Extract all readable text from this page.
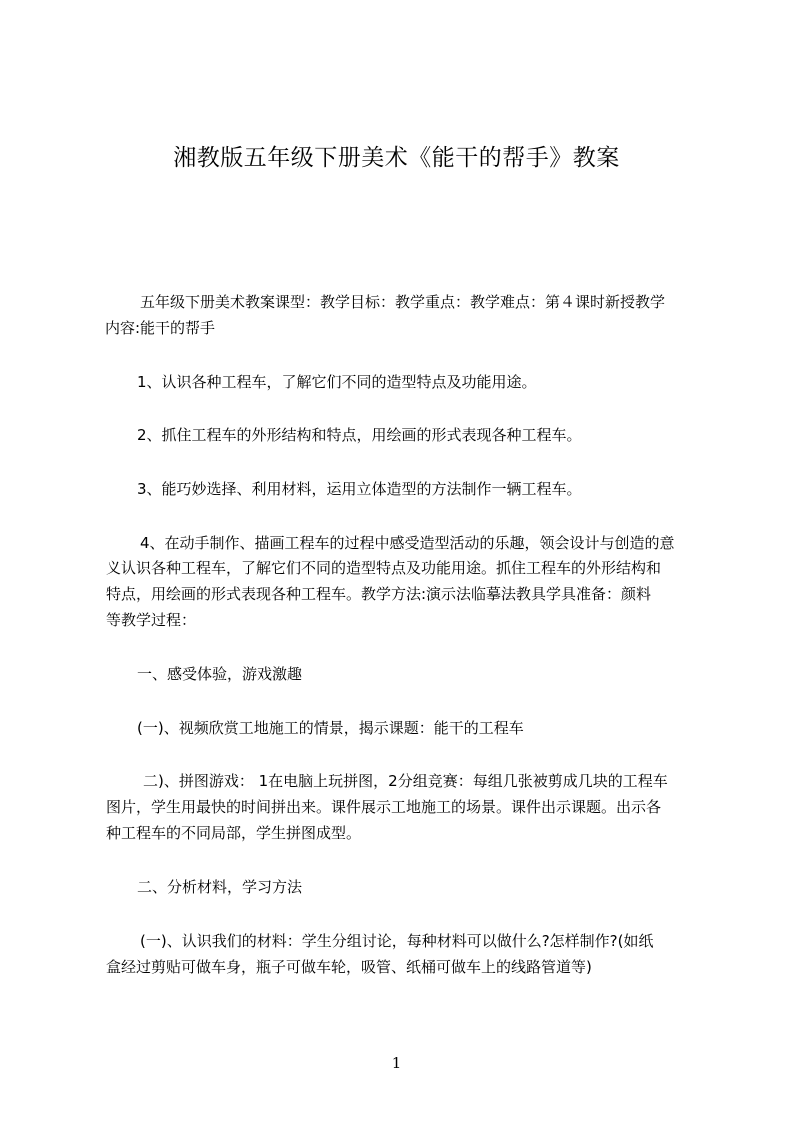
湘教版五年级下册美术《能干的帮手》教案

五年级下册美术教案课型：教学目标：教学重点：教学难点：第４课时新授教学

内容:能干的帮手

1、认识各种工程车，了解它们不同的造型特点及功能用途。

2、抓住工程车的外形结构和特点，用绘画的形式表现各种工程车。

3、能巧妙选择、利用材料，运用立体造型的方法制作一辆工程车。

4、在动手制作、描画工程车的过程中感受造型活动的乐趣，领会设计与创造的意

义认识各种工程车，了解它们不同的造型特点及功能用途。抓住工程车的外形结构和

特点，用绘画的形式表现各种工程车。教学方法:演示法临摹法教具学具准备：颜料

等教学过程：

一、感受体验，游戏激趣

(一)、视频欣赏工地施工的情景，揭示课题：能干的工程车

二)、拼图游戏： 1在电脑上玩拼图，2分组竞赛：每组几张被剪成几块的工程车

图片，学生用最快的时间拼出来。课件展示工地施工的场景。课件出示课题。出示各

种工程车的不同局部，学生拼图成型。

二、分析材料，学习方法

(一)、认识我们的材料：学生分组讨论，每种材料可以做什么?怎样制作?(如纸

盒经过剪贴可做车身，瓶子可做车轮，吸管、纸桶可做车上的线路管道等)

1
